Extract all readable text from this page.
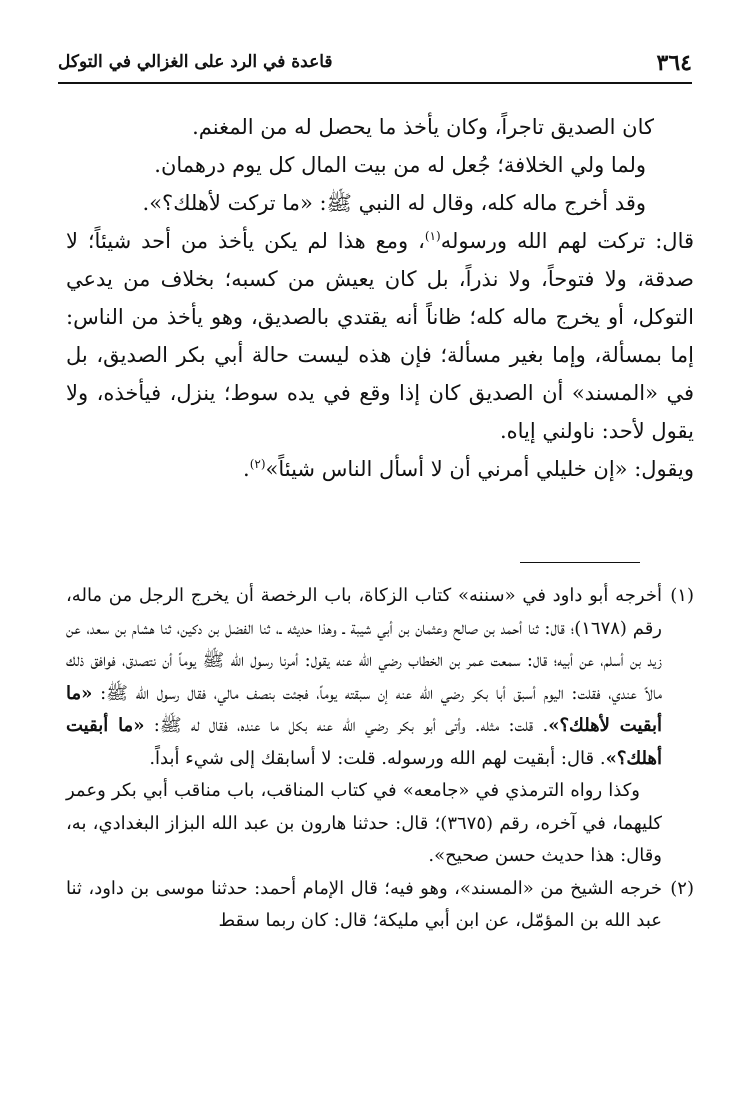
٣٦٤
قاعدة في الرد على الغزالي في التوكل

كان الصديق تاجراً، وكان يأخذ ما يحصل له من المغنم.

ولما ولي الخلافة؛ جُعل له من بيت المال كل يوم درهمان.

وقد أخرج ماله كله، وقال له النبي ﷺ: «ما تركت لأهلك؟».

قال: تركت لهم الله ورسوله$^{(١)}$، ومع هذا لم يكن يأخذ من أحد شيئاً؛ لا صدقة، ولا فتوحاً، ولا نذراً، بل كان يعيش من كسبه؛ بخلاف من يدعي التوكل، أو يخرج ماله كله؛ ظاناً أنه يقتدي بالصديق، وهو يأخذ من الناس: إما بمسألة، وإما بغير مسألة؛ فإن هذه ليست حالة أبي بكر الصديق، بل في «المسند» أن الصديق كان إذا وقع في يده سوط؛ ينزل، فيأخذه، ولا يقول لأحد: ناولني إياه.

ويقول: «إن خليلي أمرني أن لا أسأل الناس شيئاً»$^{(٢)}$.

(١)
أخرجه أبو داود في «سننه» كتاب الزكاة، باب الرخصة أن يخرج الرجل من ماله، رقم (١٦٧٨)؛ قال: ثنا أحمد بن صالح وعثمان بن أبي شيبة ـ وهذا حديثه ـ، ثنا الفضل بن دكين، ثنا هشام بن سعد، عن زيد بن أسلم، عن أبيه؛ قال: سمعت عمر بن الخطاب رضي الله عنه يقول: أمرنا رسول الله ﷺ يوماً أن نتصدق، فوافق ذلك مالاً عندي، فقلت: اليوم أسبق أبا بكر رضي الله عنه إن سبقته يوماً، فجئت بنصف مالي، فقال رسول الله ﷺ: «ما أبقيت لأهلك؟». قلت: مثله. وأتى أبو بكر رضي الله عنه بكل ما عنده، فقال له ﷺ: «ما أبقيت أهلك؟». قال: أبقيت لهم الله ورسوله. قلت: لا أسابقك إلى شيء أبداً.

وكذا رواه الترمذي في «جامعه» في كتاب المناقب، باب مناقب أبي بكر وعمر كليهما، في آخره، رقم (٣٦٧٥)؛ قال: حدثنا هارون بن عبد الله البزاز البغدادي، به، وقال: هذا حديث حسن صحيح».

(٢)
خرجه الشيخ من «المسند»، وهو فيه؛ قال الإمام أحمد: حدثنا موسى بن داود، ثنا عبد الله بن المؤمّل، عن ابن أبي مليكة؛ قال: كان ربما سقط
